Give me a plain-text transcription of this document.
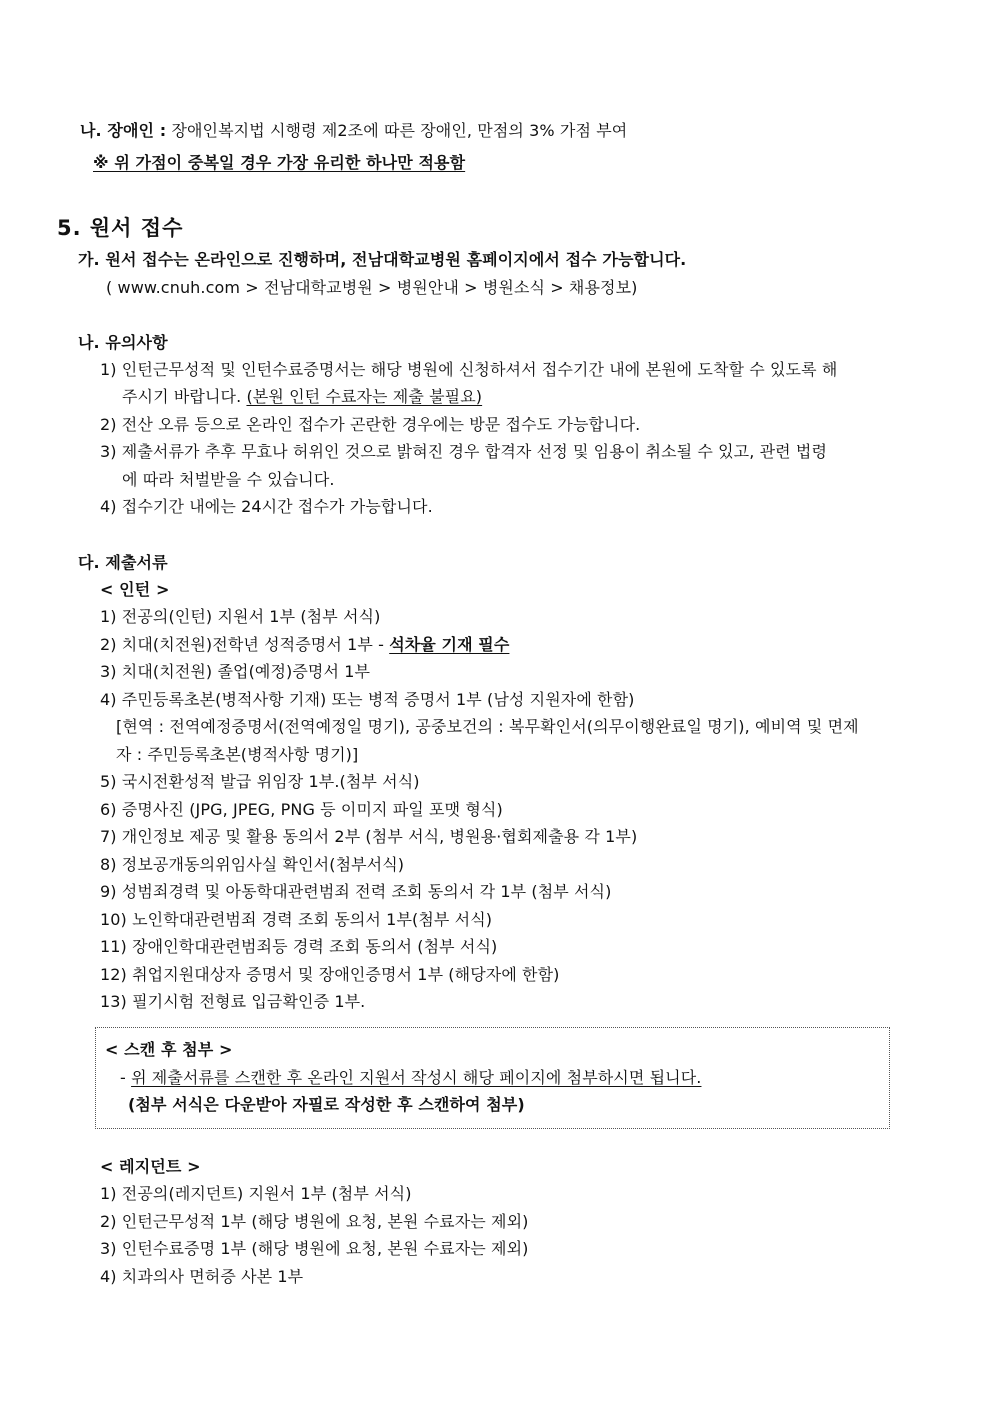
나. 장애인 : 장애인복지법 시행령 제2조에 따른 장애인, 만점의 3% 가점 부여
※ 위 가점이 중복일 경우 가장 유리한 하나만 적용함
5. 원서 접수
가. 원서 접수는 온라인으로 진행하며, 전남대학교병원 홈페이지에서 접수 가능합니다.
( www.cnuh.com > 전남대학교병원 > 병원안내 > 병원소식 > 채용정보)
나. 유의사항
1) 인턴근무성적 및 인턴수료증명서는 해당 병원에 신청하셔서 접수기간 내에 본원에 도착할 수 있도록 해
주시기 바랍니다. (본원 인턴 수료자는 제출 불필요)
2) 전산 오류 등으로 온라인 접수가 곤란한 경우에는 방문 접수도 가능합니다.
3) 제출서류가 추후 무효나 허위인 것으로 밝혀진 경우 합격자 선정 및 임용이 취소될 수 있고, 관련 법령
에 따라 처벌받을 수 있습니다.
4) 접수기간 내에는 24시간 접수가 가능합니다.
다. 제출서류
< 인턴 >
1) 전공의(인턴) 지원서 1부 (첨부 서식)
2) 치대(치전원)전학년 성적증명서 1부 - 석차율 기재 필수
3) 치대(치전원) 졸업(예정)증명서 1부
4) 주민등록초본(병적사항 기재) 또는 병적 증명서 1부 (남성 지원자에 한함)
[현역 : 전역예정증명서(전역예정일 명기), 공중보건의 : 복무확인서(의무이행완료일 명기), 예비역 및 면제
자 : 주민등록초본(병적사항 명기)]
5) 국시전환성적 발급 위임장 1부.(첨부 서식)
6) 증명사진 (JPG, JPEG, PNG 등 이미지 파일 포맷 형식)
7) 개인정보 제공 및 활용 동의서 2부 (첨부 서식, 병원용·협회제출용 각 1부)
8) 정보공개동의위임사실 확인서(첨부서식)
9) 성범죄경력 및 아동학대관련범죄 전력 조회 동의서 각 1부 (첨부 서식)
10) 노인학대관련범죄 경력 조회 동의서 1부(첨부 서식)
11) 장애인학대관련범죄등 경력 조회 동의서 (첨부 서식)
12) 취업지원대상자 증명서 및 장애인증명서 1부 (해당자에 한함)
13) 필기시험 전형료 입금확인증 1부.
< 스캔 후 첨부 >
- 위 제출서류를 스캔한 후 온라인 지원서 작성시 해당 페이지에 첨부하시면 됩니다.
(첨부 서식은 다운받아 자필로 작성한 후 스캔하여 첨부)
< 레지던트 >
1) 전공의(레지던트) 지원서 1부 (첨부 서식)
2) 인턴근무성적 1부 (해당 병원에 요청, 본원 수료자는 제외)
3) 인턴수료증명 1부 (해당 병원에 요청, 본원 수료자는 제외)
4) 치과의사 면허증 사본 1부
